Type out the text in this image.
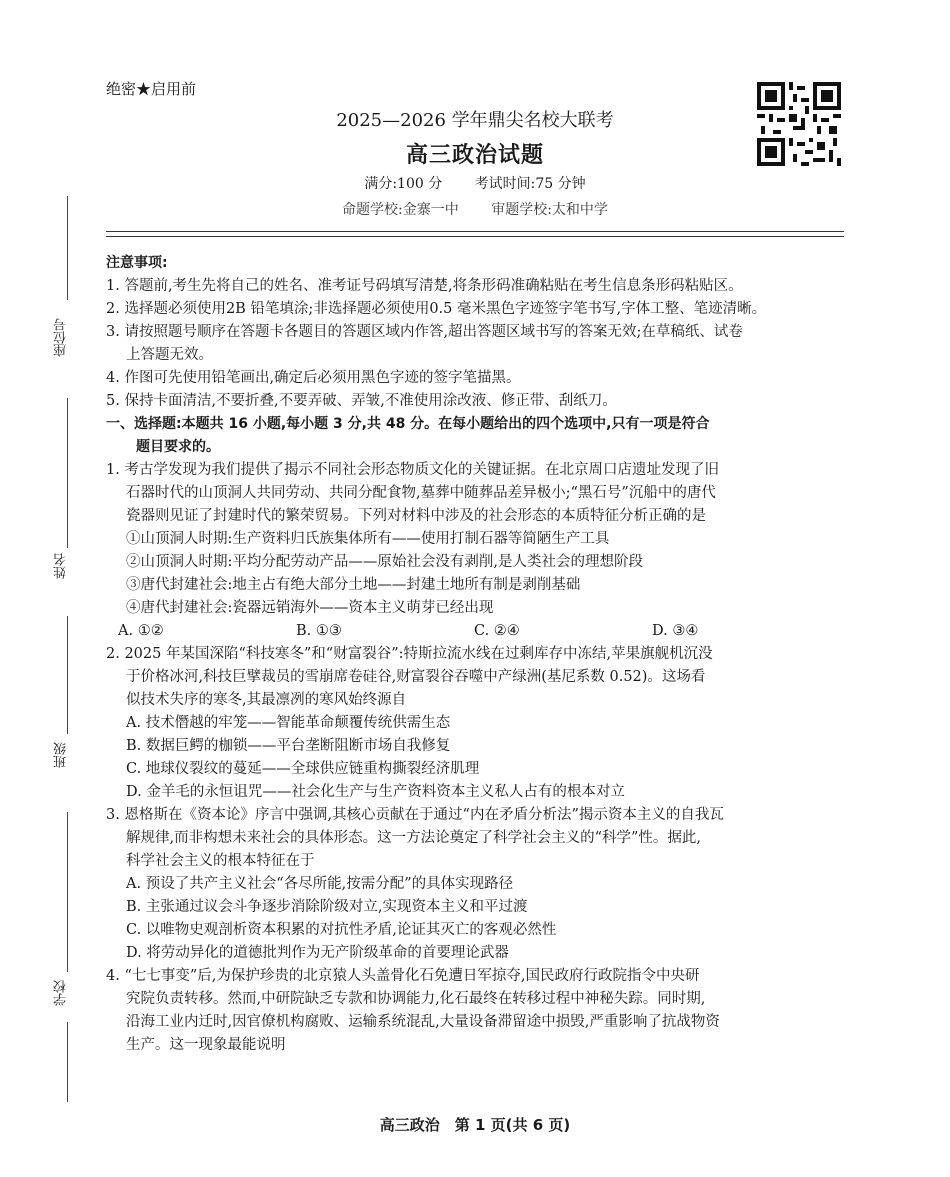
绝密★启用前
2025—2026 学年鼎尖名校大联考
高三政治试题
满分:100 分 考试时间:75 分钟
命题学校:金寨一中 审题学校:太和中学
座位号
姓名
班级
学校

注意事项:

1. 答题前,考生先将自己的姓名、准考证号码填写清楚,将条形码准确粘贴在考生信息条形码粘贴区。

2. 选择题必须使用2B 铅笔填涂;非选择题必须使用0.5 毫米黑色字迹签字笔书写,字体工整、笔迹清晰。

3. 请按照题号顺序在答题卡各题目的答题区域内作答,超出答题区域书写的答案无效;在草稿纸、试卷

上答题无效。

4. 作图可先使用铅笔画出,确定后必须用黑色字迹的签字笔描黑。

5. 保持卡面清洁,不要折叠,不要弄破、弄皱,不准使用涂改液、修正带、刮纸刀。

一、选择题:本题共 16 小题,每小题 3 分,共 48 分。在每小题给出的四个选项中,只有一项是符合

题目要求的。

1. 考古学发现为我们提供了揭示不同社会形态物质文化的关键证据。在北京周口店遗址发现了旧

石器时代的山顶洞人共同劳动、共同分配食物,墓葬中随葬品差异极小;“黑石号”沉船中的唐代

瓷器则见证了封建时代的繁荣贸易。下列对材料中涉及的社会形态的本质特征分析正确的是

①山顶洞人时期:生产资料归氏族集体所有——使用打制石器等简陋生产工具

②山顶洞人时期:平均分配劳动产品——原始社会没有剥削,是人类社会的理想阶段

③唐代封建社会:地主占有绝大部分土地——封建土地所有制是剥削基础

④唐代封建社会:瓷器远销海外——资本主义萌芽已经出现

A. ①②	B. ①③	C. ②④	D. ③④

2. 2025 年某国深陷“科技寒冬”和“财富裂谷”:特斯拉流水线在过剩库存中冻结,苹果旗舰机沉没

于价格冰河,科技巨擘裁员的雪崩席卷硅谷,财富裂谷吞噬中产绿洲(基尼系数 0.52)。这场看

似技术失序的寒冬,其最凛冽的寒风始终源自

A. 技术僭越的牢笼——智能革命颠覆传统供需生态

B. 数据巨鳄的枷锁——平台垄断阻断市场自我修复

C. 地球仪裂纹的蔓延——全球供应链重构撕裂经济肌理

D. 金羊毛的永恒诅咒——社会化生产与生产资料资本主义私人占有的根本对立

3. 恩格斯在《资本论》序言中强调,其核心贡献在于通过“内在矛盾分析法”揭示资本主义的自我瓦

解规律,而非构想未来社会的具体形态。这一方法论奠定了科学社会主义的“科学”性。据此,

科学社会主义的根本特征在于

A. 预设了共产主义社会“各尽所能,按需分配”的具体实现路径

B. 主张通过议会斗争逐步消除阶级对立,实现资本主义和平过渡

C. 以唯物史观剖析资本积累的对抗性矛盾,论证其灭亡的客观必然性

D. 将劳动异化的道德批判作为无产阶级革命的首要理论武器

4. “七七事变”后,为保护珍贵的北京猿人头盖骨化石免遭日军掠夺,国民政府行政院指令中央研

究院负责转移。然而,中研院缺乏专款和协调能力,化石最终在转移过程中神秘失踪。同时期,

沿海工业内迁时,因官僚机构腐败、运输系统混乱,大量设备滞留途中损毁,严重影响了抗战物资

生产。这一现象最能说明

高三政治　第 1 页(共 6 页)
